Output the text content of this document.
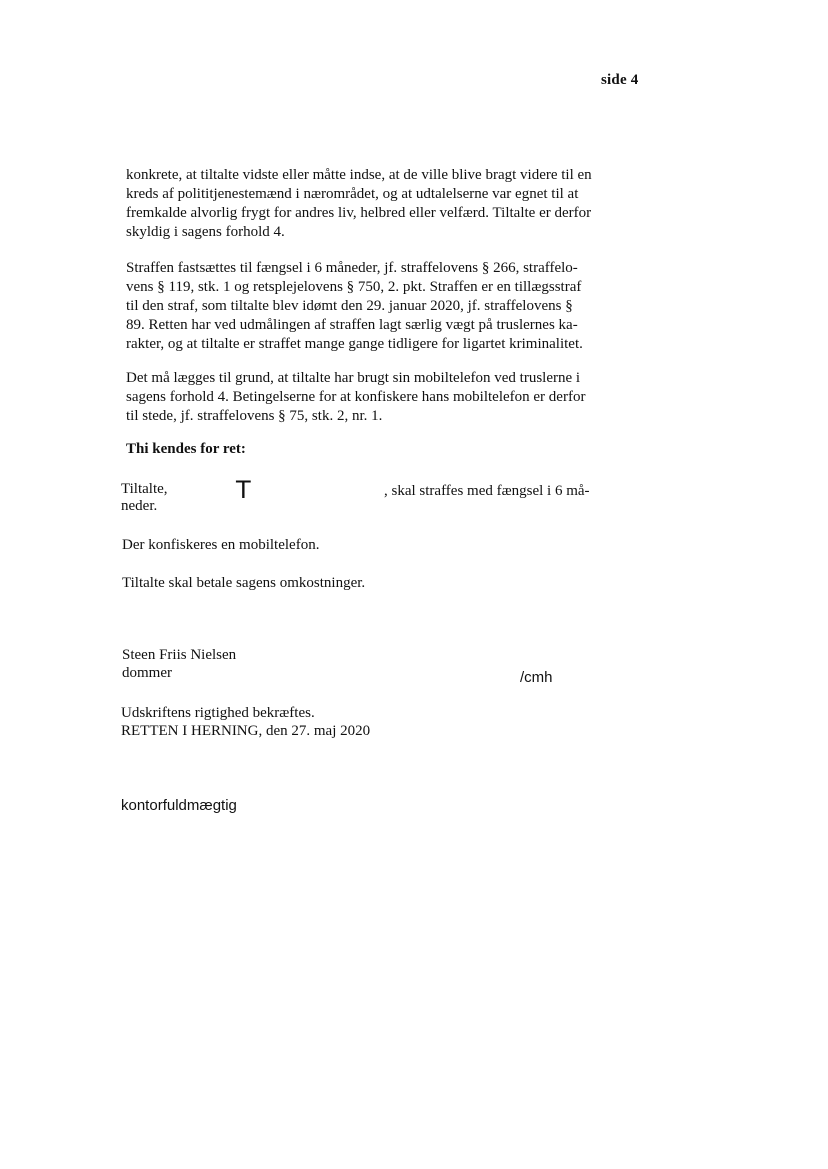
side 4

konkrete, at tiltalte vidste eller måtte indse, at de ville blive bragt videre til en
kreds af polititjenestemænd i nærområdet, og at udtalelserne var egnet til at
fremkalde alvorlig frygt for andres liv, helbred eller velfærd. Tiltalte er derfor
skyldig i sagens forhold 4.

Straffen fastsættes til fængsel i 6 måneder, jf. straffelovens § 266, straffelo-
vens § 119, stk. 1 og retsplejelovens § 750, 2. pkt. Straffen er en tillægsstraf
til den straf, som tiltalte blev idømt den 29. januar 2020, jf. straffelovens §
89. Retten har ved udmålingen af straffen lagt særlig vægt på truslernes ka-
rakter, og at tiltalte er straffet mange gange tidligere for ligartet kriminalitet.

Det må lægges til grund, at tiltalte har brugt sin mobiltelefon ved truslerne i
sagens forhold 4. Betingelserne for at konfiskere hans mobiltelefon er derfor
til stede, jf. straffelovens § 75, stk. 2, nr. 1.

Thi kendes for ret:
Tiltalte,	T	, skal straffes med fængsel i 6 må-
neder.
Der konfiskeres en mobiltelefon.
Tiltalte skal betale sagens omkostninger.
Steen Friis Nielsen
dommer	/cmh
Udskriftens rigtighed bekræftes.
RETTEN I HERNING, den 27. maj 2020
kontorfuldmægtig
